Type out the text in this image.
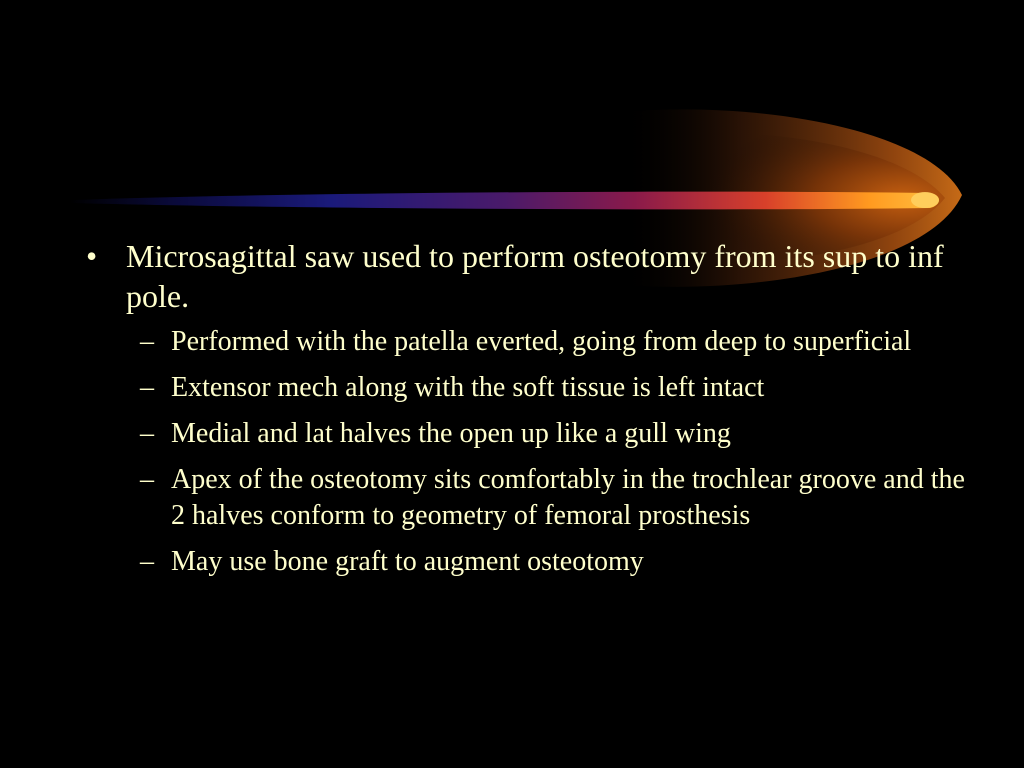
• Microsagittal saw used to perform osteotomy from its sup to inf pole.
– Performed with the patella everted, going from deep to superficial
– Extensor mech along with the soft tissue is left intact
– Medial and lat halves the open up like a gull wing
– Apex of the osteotomy sits comfortably in the trochlear groove and the 2 halves conform to geometry of femoral prosthesis
– May use bone graft to augment osteotomy
